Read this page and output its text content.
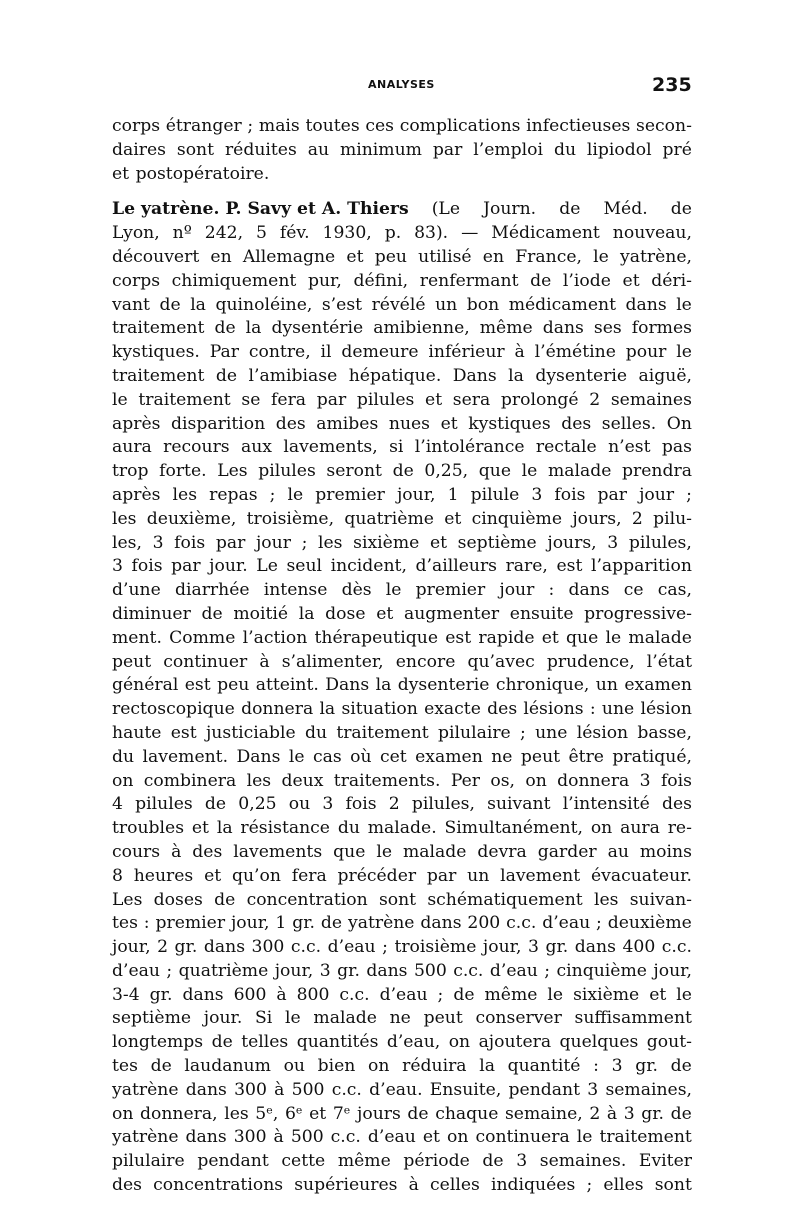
ANALYSES	235
corps étranger ; mais toutes ces complications infectieuses secon-
daires sont réduites au minimum par l’emploi du lipiodol pré
et postopératoire.
Le yatrène. P. Savy et A. Thiers (Le Journ. de Méd. de
Lyon, nº 242, 5 fév. 1930, p. 83). — Médicament nouveau,
découvert en Allemagne et peu utilisé en France, le yatrène,
corps chimiquement pur, défini, renfermant de l’iode et déri-
vant de la quinoléine, s’est révélé un bon médicament dans le
traitement de la dysentérie amibienne, même dans ses formes
kystiques. Par contre, il demeure inférieur à l’émétine pour le
traitement de l’amibiase hépatique. Dans la dysenterie aiguë,
le traitement se fera par pilules et sera prolongé 2 semaines
après disparition des amibes nues et kystiques des selles. On
aura recours aux lavements, si l’intolérance rectale n’est pas
trop forte. Les pilules seront de 0,25, que le malade prendra
après les repas ; le premier jour, 1 pilule 3 fois par jour ;
les deuxième, troisième, quatrième et cinquième jours, 2 pilu-
les, 3 fois par jour ; les sixième et septième jours, 3 pilules,
3 fois par jour. Le seul incident, d’ailleurs rare, est l’apparition
d’une diarrhée intense dès le premier jour : dans ce cas,
diminuer de moitié la dose et augmenter ensuite progressive-
ment. Comme l’action thérapeutique est rapide et que le malade
peut continuer à s’alimenter, encore qu’avec prudence, l’état
général est peu atteint. Dans la dysenterie chronique, un examen
rectoscopique donnera la situation exacte des lésions : une lésion
haute est justiciable du traitement pilulaire ; une lésion basse,
du lavement. Dans le cas où cet examen ne peut être pratiqué,
on combinera les deux traitements. Per os, on donnera 3 fois
4 pilules de 0,25 ou 3 fois 2 pilules, suivant l’intensité des
troubles et la résistance du malade. Simultanément, on aura re-
cours à des lavements que le malade devra garder au moins
8 heures et qu’on fera précéder par un lavement évacuateur.
Les doses de concentration sont schématiquement les suivan-
tes : premier jour, 1 gr. de yatrène dans 200 c.c. d’eau ; deuxième
jour, 2 gr. dans 300 c.c. d’eau ; troisième jour, 3 gr. dans 400 c.c.
d’eau ; quatrième jour, 3 gr. dans 500 c.c. d’eau ; cinquième jour,
3-4 gr. dans 600 à 800 c.c. d’eau ; de même le sixième et le
septième jour. Si le malade ne peut conserver suffisamment
longtemps de telles quantités d’eau, on ajoutera quelques gout-
tes de laudanum ou bien on réduira la quantité : 3 gr. de
yatrène dans 300 à 500 c.c. d’eau. Ensuite, pendant 3 semaines,
on donnera, les 5ᵉ, 6ᵉ et 7ᵉ jours de chaque semaine, 2 à 3 gr. de
yatrène dans 300 à 500 c.c. d’eau et on continuera le traitement
pilulaire pendant cette même période de 3 semaines. Eviter
des concentrations supérieures à celles indiquées ; elles sont
